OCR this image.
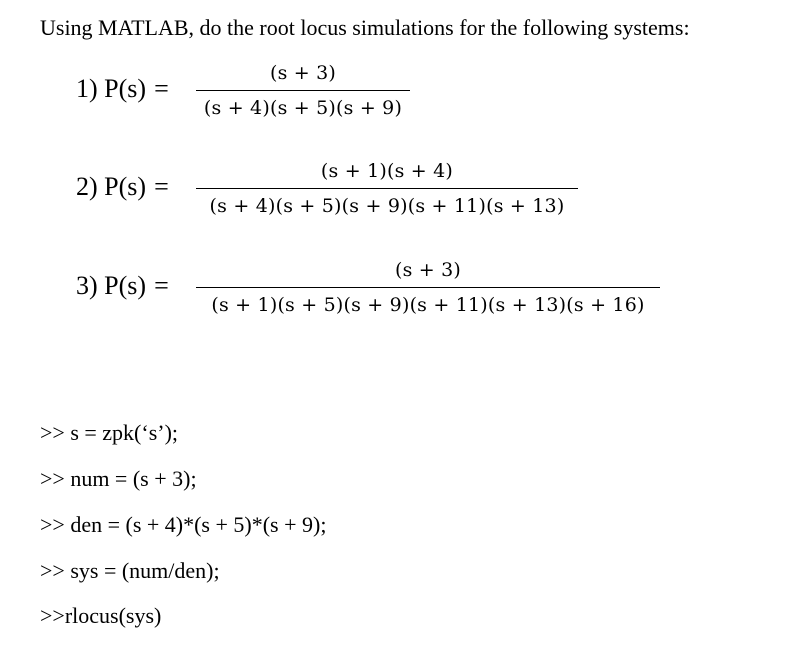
Using MATLAB, do the root locus simulations for the following systems:
1) P(s) =
(s + 3)
(s + 4)(s + 5)(s + 9)
2) P(s) =
(s + 1)(s + 4)
(s + 4)(s + 5)(s + 9)(s + 11)(s + 13)
3) P(s) =
(s + 3)
(s + 1)(s + 5)(s + 9)(s + 11)(s + 13)(s + 16)
>> s = zpk(‘s’);
>> num = (s + 3);
>> den = (s + 4)*(s + 5)*(s + 9);
>> sys = (num/den);
>>rlocus(sys)
